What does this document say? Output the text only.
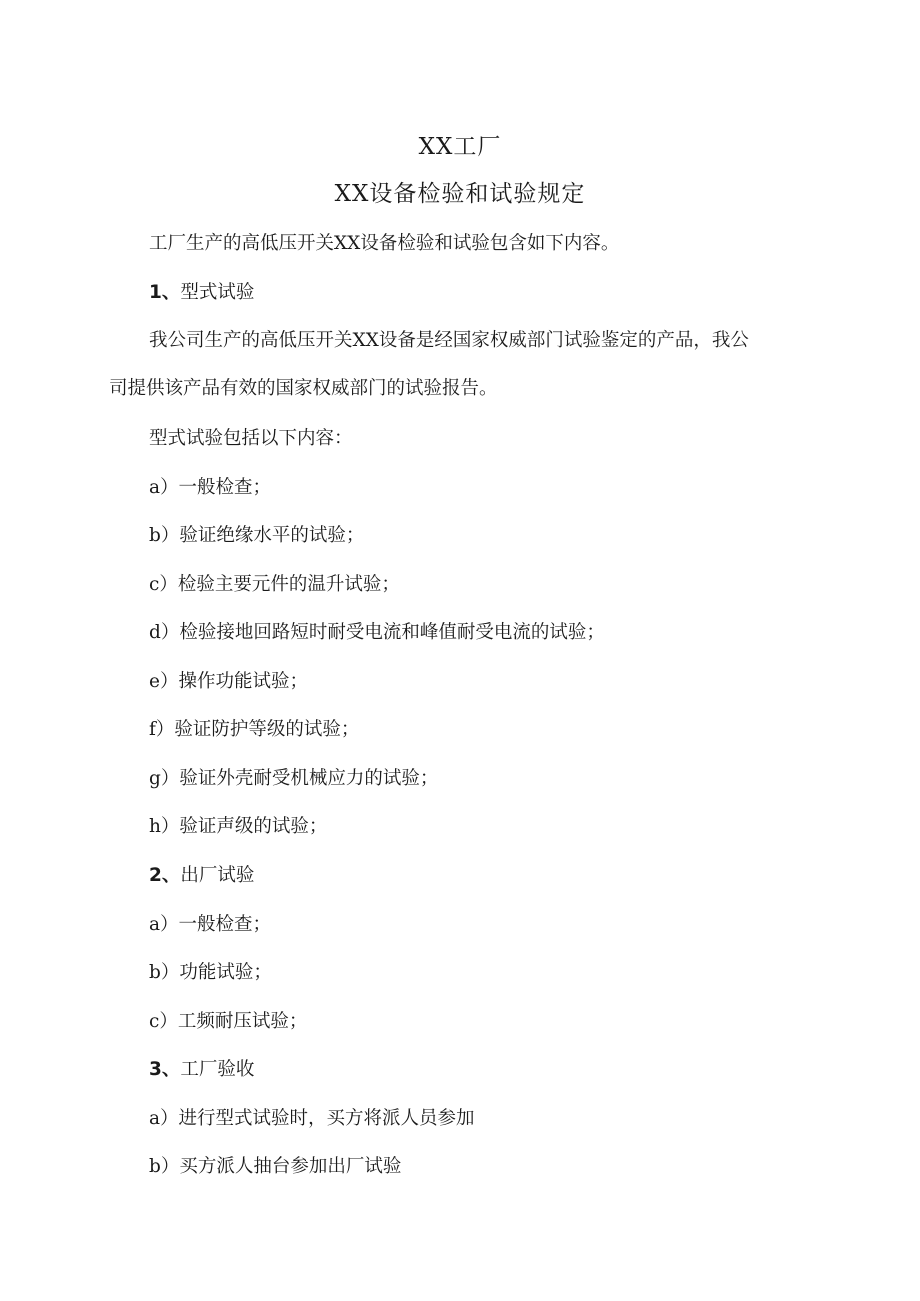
XX工厂
XX设备检验和试验规定
工厂生产的高低压开关XX设备检验和试验包含如下内容。
1、型式试验
我公司生产的高低压开关XX设备是经国家权威部门试验鉴定的产品，我公
司提供该产品有效的国家权威部门的试验报告。
型式试验包括以下内容：
a）一般检查；
b）验证绝缘水平的试验；
c）检验主要元件的温升试验；
d）检验接地回路短时耐受电流和峰值耐受电流的试验；
e）操作功能试验；
f）验证防护等级的试验；
g）验证外壳耐受机械应力的试验；
h）验证声级的试验；
2、出厂试验
a）一般检查；
b）功能试验；
c）工频耐压试验；
3、工厂验收
a）进行型式试验时，买方将派人员参加
b）买方派人抽台参加出厂试验
